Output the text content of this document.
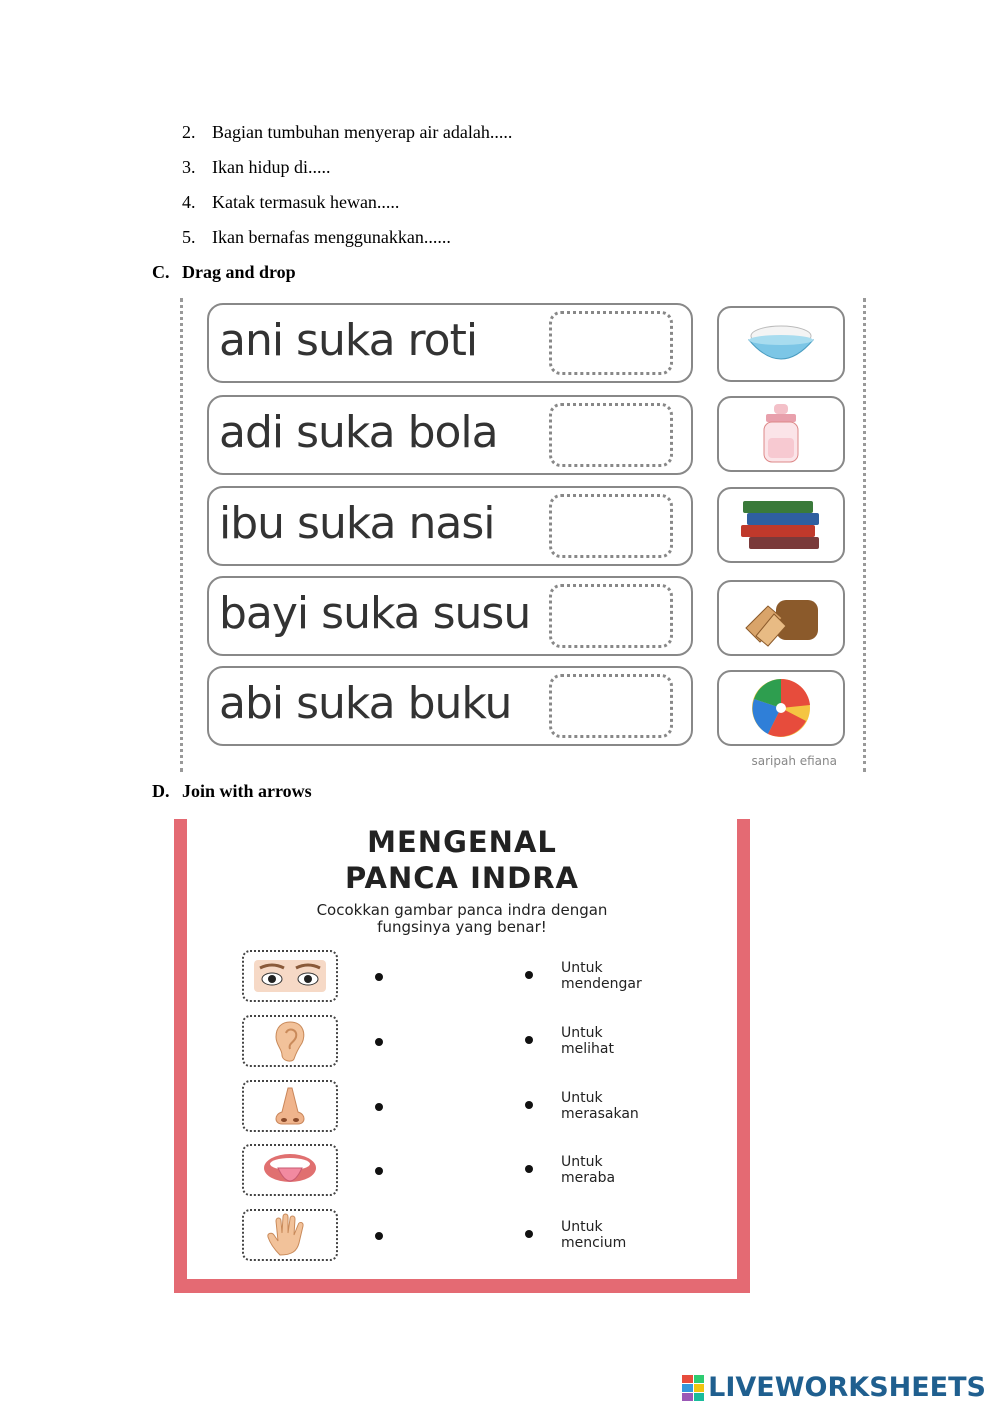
2. Bagian tumbuhan menyerap air adalah.....
3. Ikan hidup di.....
4. Katak termasuk hewan.....
5. Ikan bernafas menggunakkan......
C. Drag and drop
ani suka roti
adi suka bola
ibu suka nasi
bayi suka susu
abi suka buku
saripah efiana
D. Join with arrows
MENGENAL
PANCA INDRA
Cocokkan gambar panca indra dengan
fungsinya yang benar!
Untuk
mendengar
Untuk
melihat
Untuk
merasakan
Untuk
meraba
Untuk
mencium
LIVEWORKSHEETS
